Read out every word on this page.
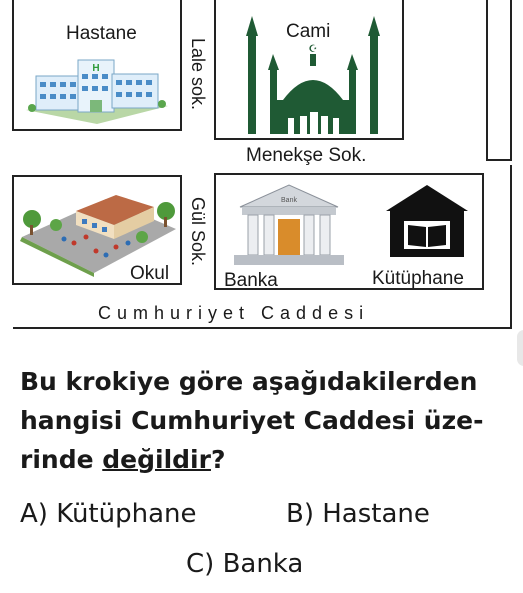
Hastane
H	Lale sok.
Cami
☪
Menekşe Sok.
Okul
Gül Sok.	Bank
Banka	Kütüphane
Cumhuriyet Caddesi
Bu krokiye göre aşağıdakilerden hangisi Cumhuriyet Caddesi üze-rinde değildir?
A) Kütüphane	B) Hastane
C) Banka
